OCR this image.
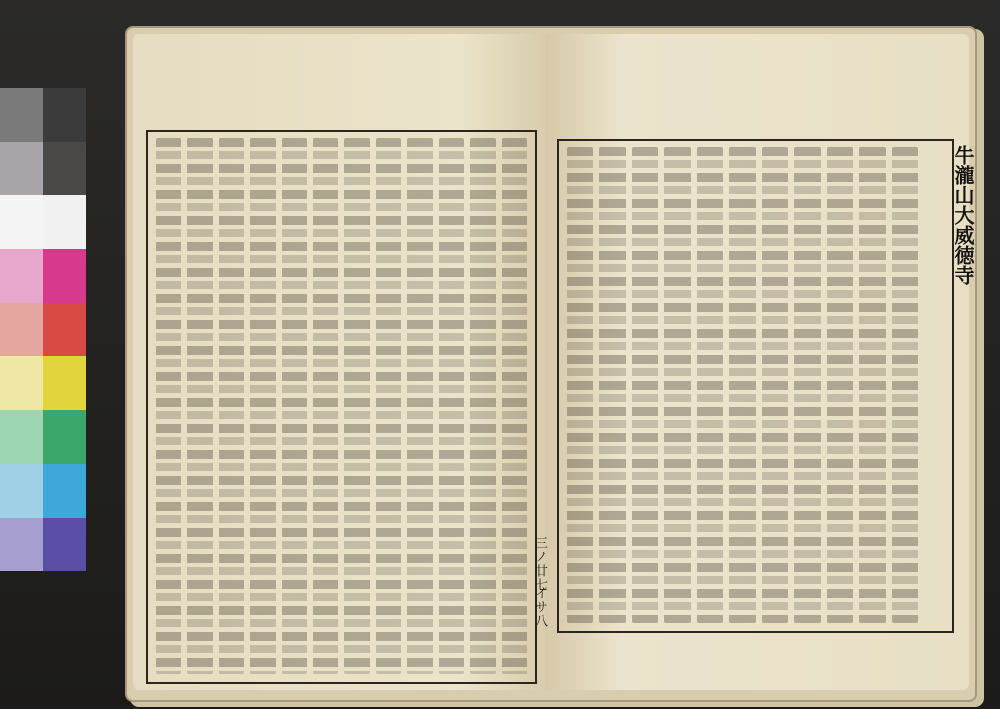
牛瀧山大威徳寺
三ノ廿七
イサ八
